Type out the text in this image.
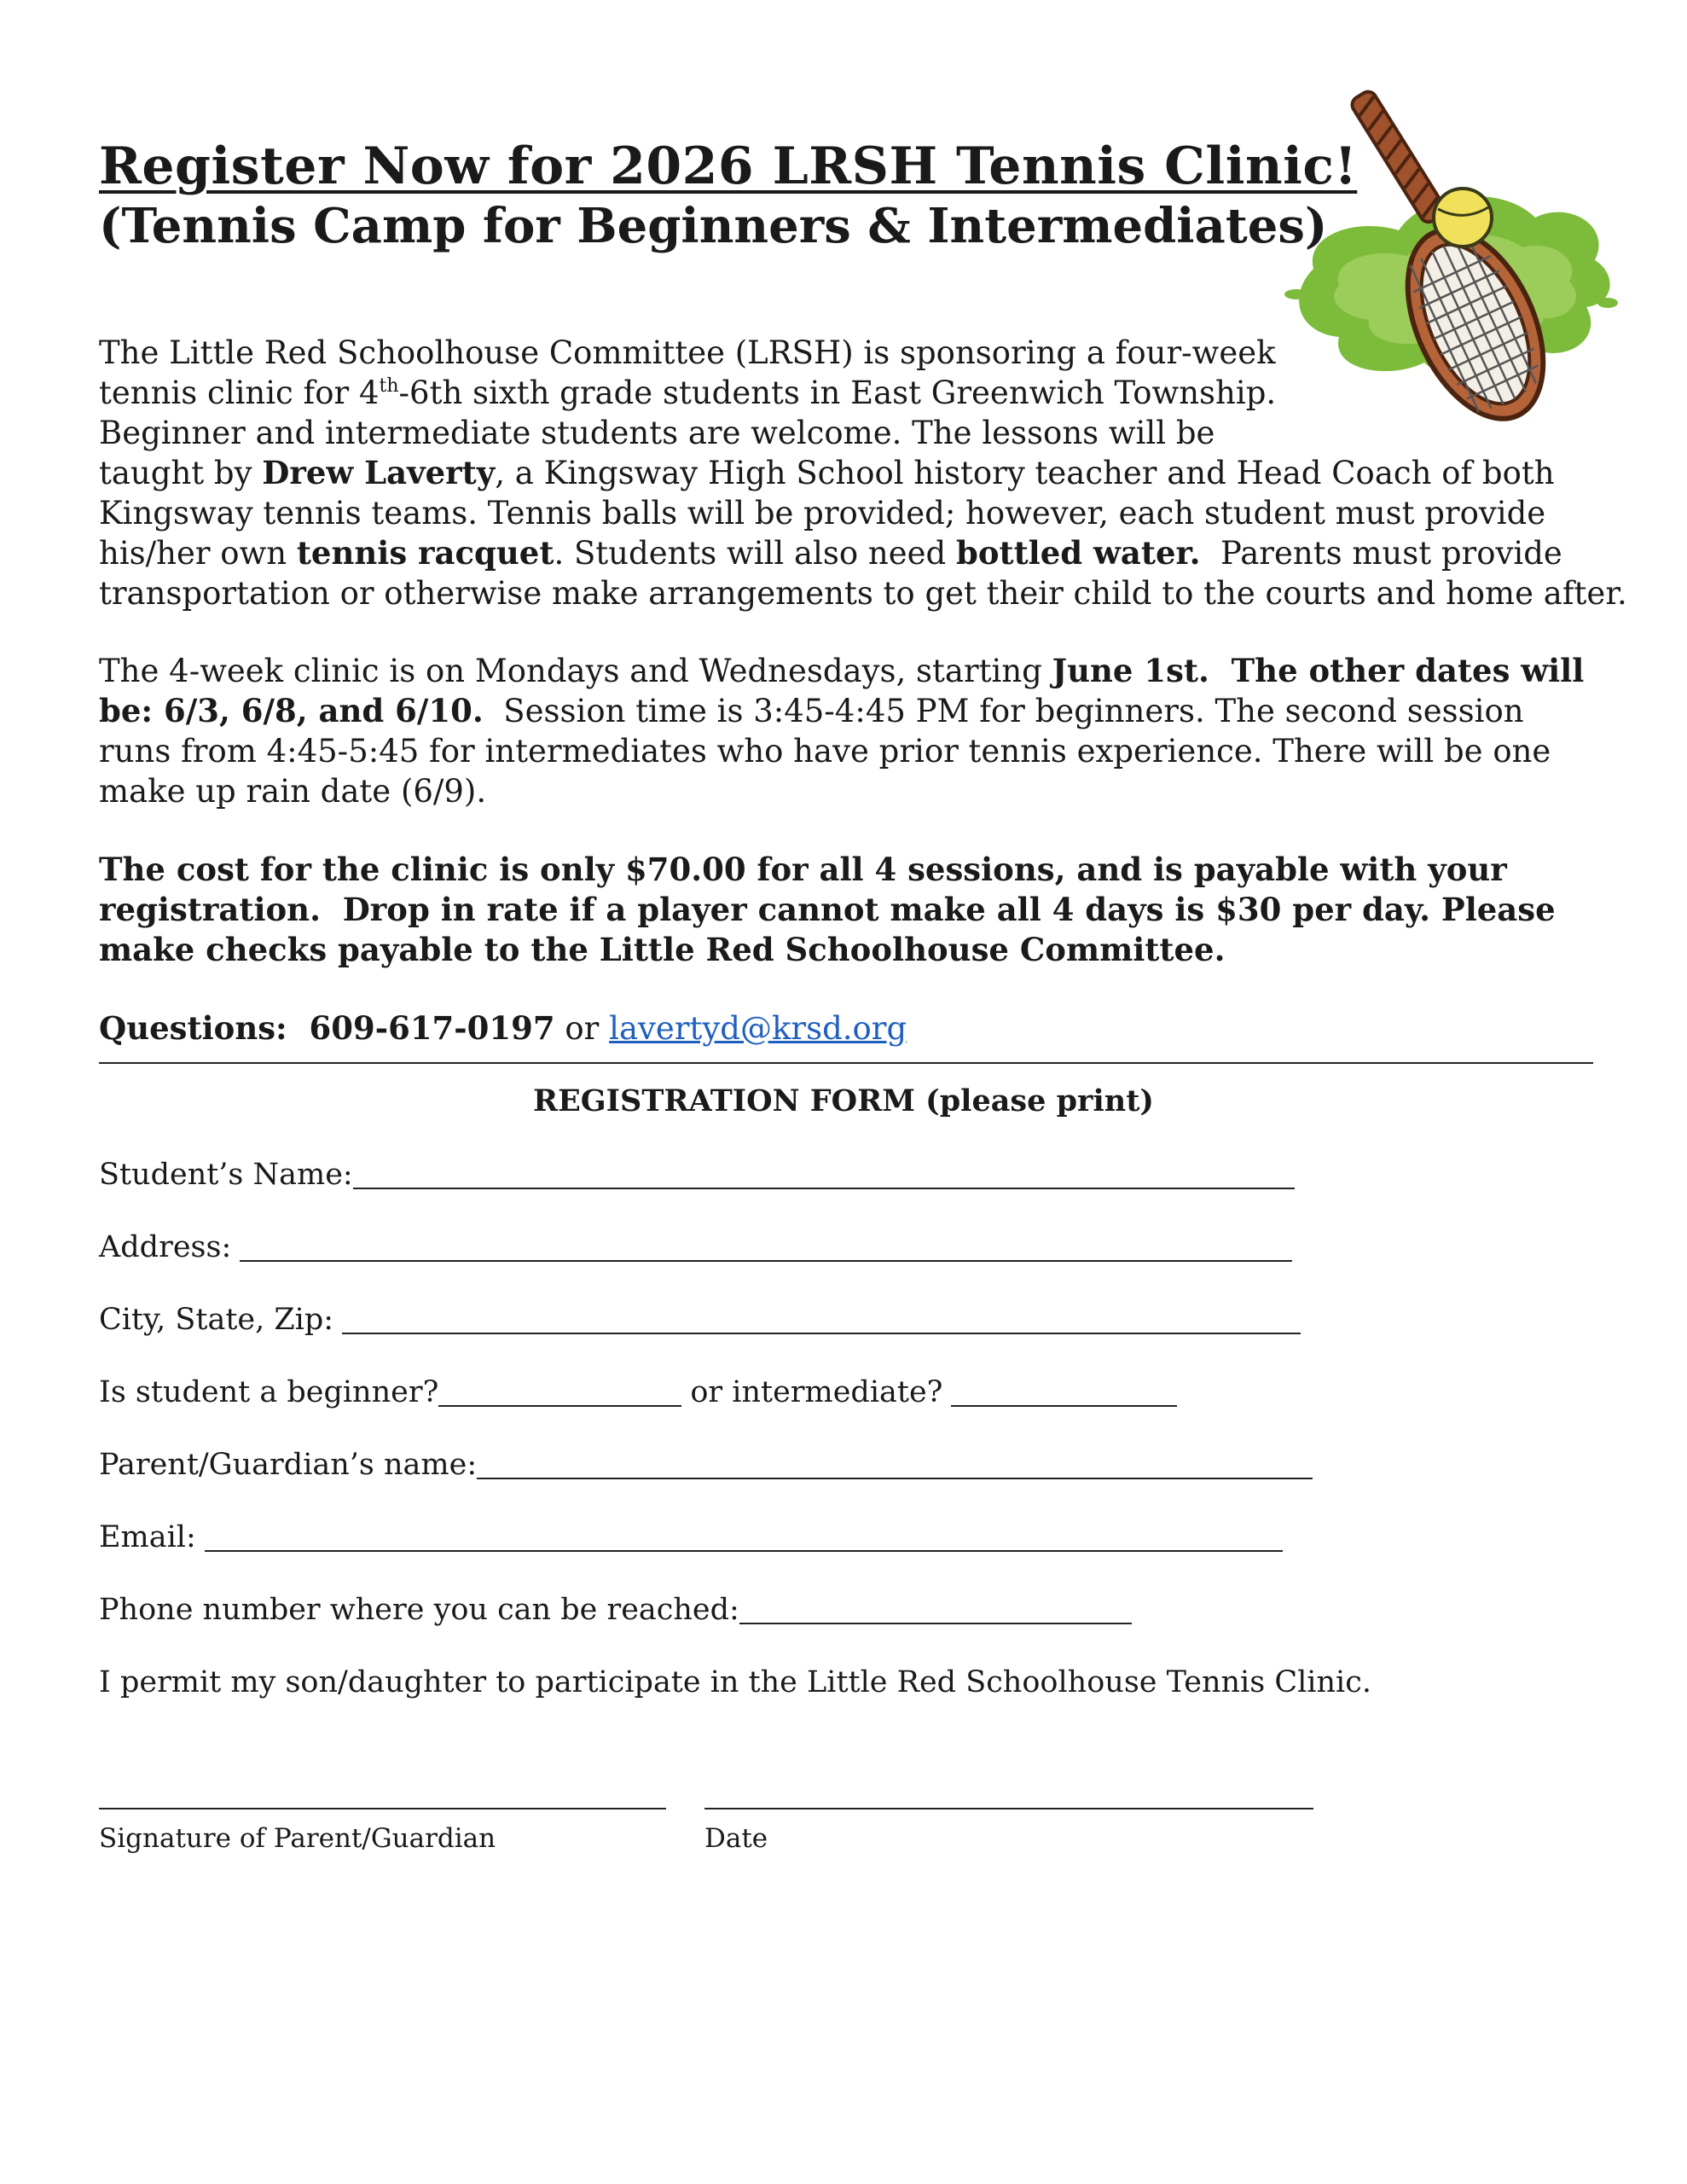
Register Now for 2026 LRSH Tennis Clinic!
(Tennis Camp for Beginners & Intermediates)
The Little Red Schoolhouse Committee (LRSH) is sponsoring a four-week
tennis clinic for 4th-6th sixth grade students in East Greenwich Township.
Beginner and intermediate students are welcome. The lessons will be
taught by Drew Laverty, a Kingsway High School history teacher and Head Coach of both
Kingsway tennis teams. Tennis balls will be provided; however, each student must provide
his/her own tennis racquet. Students will also need bottled water.  Parents must provide
transportation or otherwise make arrangements to get their child to the courts and home after.

The 4-week clinic is on Mondays and Wednesdays, starting June 1st.  The other dates will be: 6/3, 6/8, and 6/10.  Session time is 3:45-4:45 PM for beginners. The second session runs from 4:45-5:45 for intermediates who have prior tennis experience. There will be one make up rain date (6/9).

The cost for the clinic is only $70.00 for all 4 sessions, and is payable with your registration.  Drop in rate if a player cannot make all 4 days is $30 per day. Please make checks payable to the Little Red Schoolhouse Committee.

Questions:  609-617-0197 or lavertyd@krsd.org

REGISTRATION FORM (please print)
Student’s Name:
Address:
City, State, Zip:
Is student a beginner?	or intermediate?
Parent/Guardian’s name:
Email:
Phone number where you can be reached:
I permit my son/daughter to participate in the Little Red Schoolhouse Tennis Clinic.
Signature of Parent/Guardian	Date
